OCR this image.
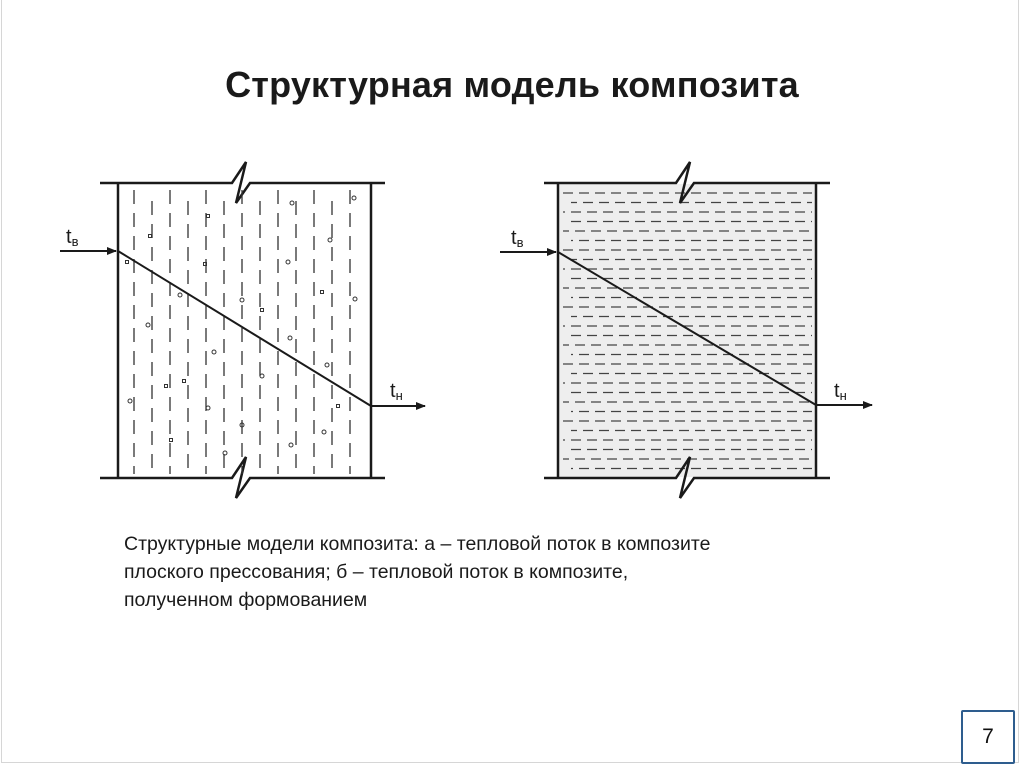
Структурная модель композита
tв
tн
tв
tн
Структурные модели композита: а – тепловой поток в композите
плоского прессования; б – тепловой поток в композите,
полученном формованием
7
